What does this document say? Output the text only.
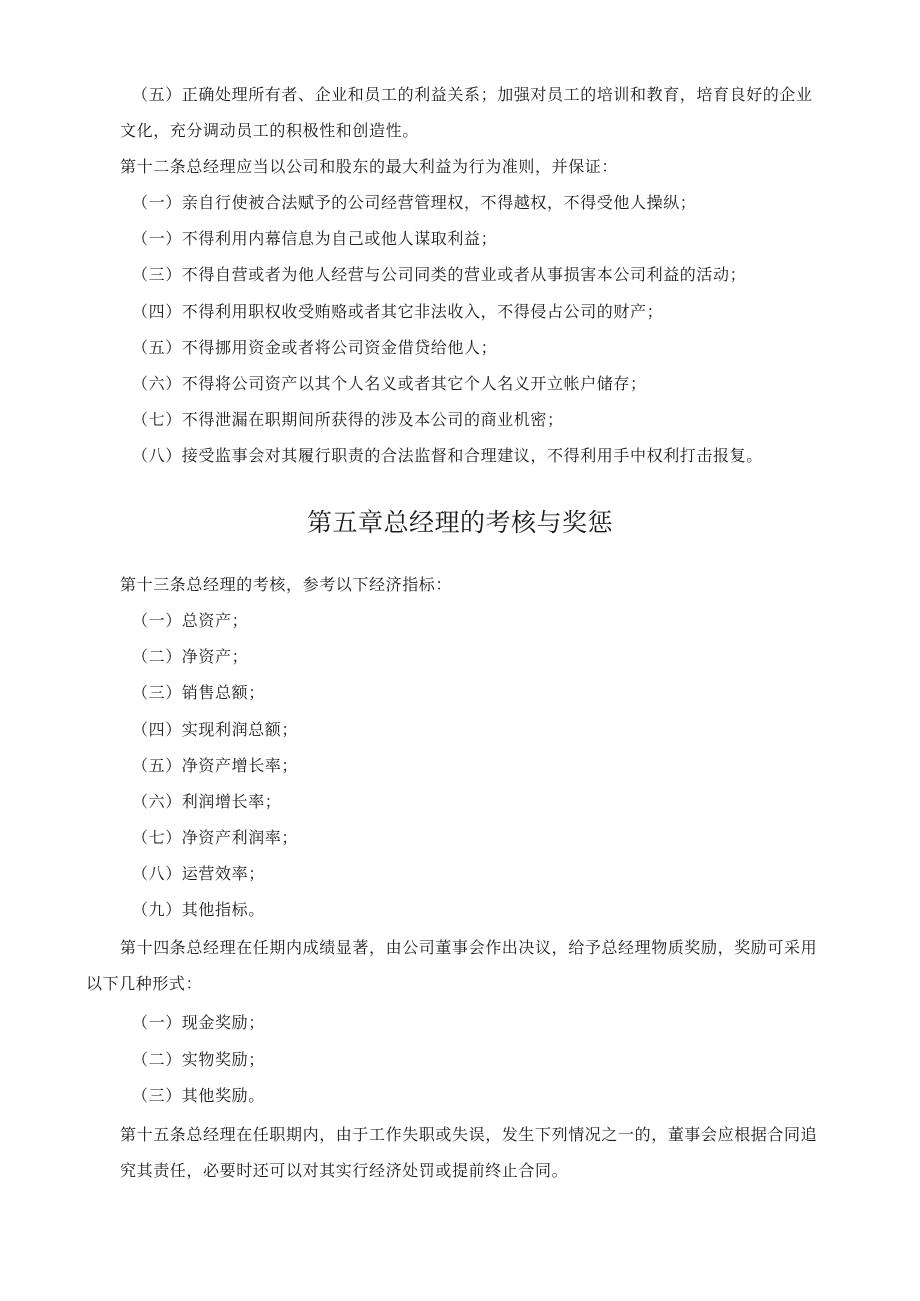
（五）正确处理所有者、企业和员工的利益关系；加强对员工的培训和教育，培育良好的企业
文化，充分调动员工的积极性和创造性。
第十二条总经理应当以公司和股东的最大利益为行为准则，并保证：
（一）亲自行使被合法赋予的公司经营管理权，不得越权，不得受他人操纵；
（一）不得利用内幕信息为自己或他人谋取利益；
（三）不得自营或者为他人经营与公司同类的营业或者从事损害本公司利益的活动；
（四）不得利用职权收受贿赂或者其它非法收入，不得侵占公司的财产；
（五）不得挪用资金或者将公司资金借贷给他人；
（六）不得将公司资产以其个人名义或者其它个人名义开立帐户储存；
（七）不得泄漏在职期间所获得的涉及本公司的商业机密；
（八）接受监事会对其履行职责的合法监督和合理建议，不得利用手中权利打击报复。
第五章总经理的考核与奖惩
第十三条总经理的考核，参考以下经济指标：
（一）总资产；
（二）净资产；
（三）销售总额；
（四）实现利润总额；
（五）净资产增长率；
（六）利润增长率；
（七）净资产利润率；
（八）运营效率；
（九）其他指标。
第十四条总经理在任期内成绩显著，由公司董事会作出决议，给予总经理物质奖励，奖励可采用
以下几种形式：
（一）现金奖励；
（二）实物奖励；
（三）其他奖励。
第十五条总经理在任职期内，由于工作失职或失误，发生下列情况之一的，董事会应根据合同追
究其责任，必要时还可以对其实行经济处罚或提前终止合同。
